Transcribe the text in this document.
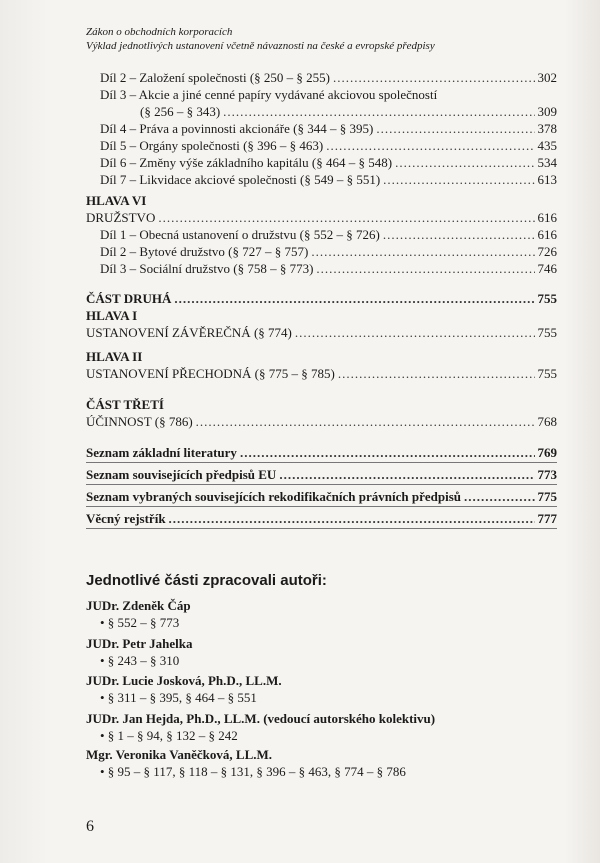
Zákon o obchodních korporacích
Výklad jednotlivých ustanovení včetně návaznosti na české a evropské předpisy
Díl 2 – Založení společnosti (§ 250 – § 255) .....	302
Díl 3 – Akcie a jiné cenné papíry vydávané akciovou společností
(§ 256 – § 343) .....	309
Díl 4 – Práva a povinnosti akcionáře (§ 344 – § 395) .....	378
Díl 5 – Orgány společnosti (§ 396 – § 463) .....	435
Díl 6 – Změny výše základního kapitálu (§ 464 – § 548) .....	534
Díl 7 – Likvidace akciové společnosti (§ 549 – § 551) .....	613
HLAVA VI
DRUŽSTVO .....	616
Díl 1 – Obecná ustanovení o družstvu (§ 552 – § 726) .....	616
Díl 2 – Bytové družstvo (§ 727 – § 757) .....	726
Díl 3 – Sociální družstvo (§ 758 – § 773) .....	746
ČÁST DRUHÁ .....	755
HLAVA I
USTANOVENÍ ZÁVĚREČNÁ (§ 774) .....	755
HLAVA II
USTANOVENÍ PŘECHODNÁ (§ 775 – § 785) .....	755
ČÁST TŘETÍ
ÚČINNOST (§ 786) .....	768
Seznam základní literatury .....	769
Seznam souvisejících předpisů EU .....	773
Seznam vybraných souvisejících rekodifikačních právních předpisů .....	775
Věcný rejstřík .....	777
Jednotlivé části zpracovali autoři:
JUDr. Zdeněk Čáp
• § 552 – § 773
JUDr. Petr Jahelka
• § 243 – § 310
JUDr. Lucie Josková, Ph.D., LL.M.
• § 311 – § 395, § 464 – § 551
JUDr. Jan Hejda, Ph.D., LL.M. (vedoucí autorského kolektivu)
• § 1 – § 94, § 132 – § 242
Mgr. Veronika Vaněčková, LL.M.
• § 95 – § 117, § 118 – § 131, § 396 – § 463, § 774 – § 786
6
